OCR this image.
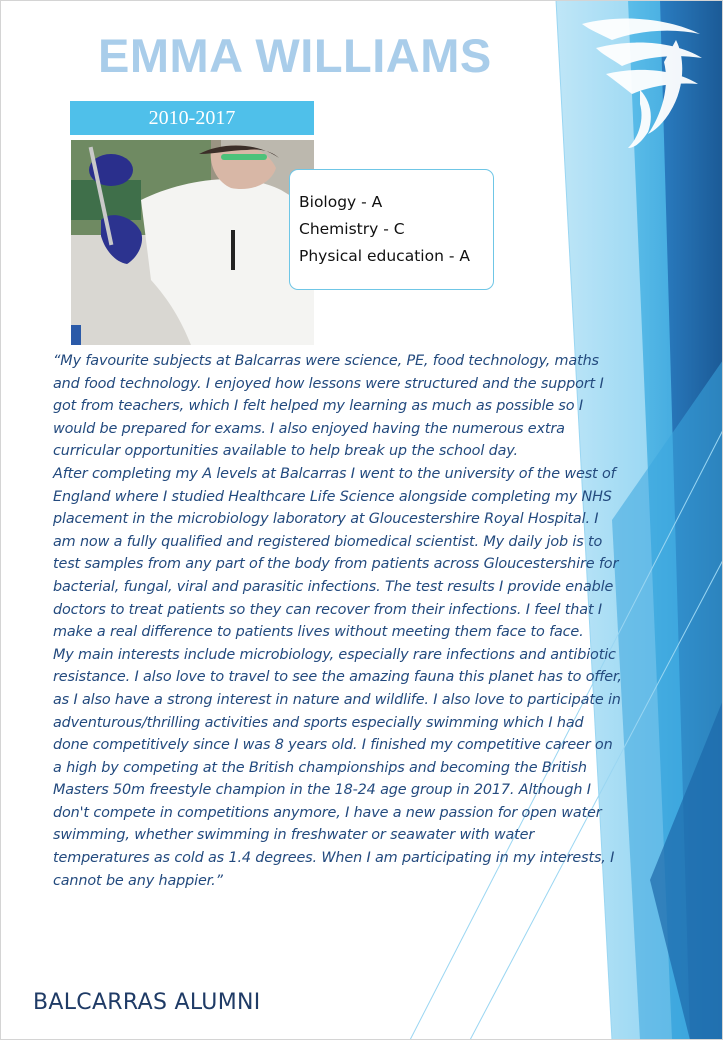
EMMA WILLIAMS
2010-2017
Biology - A
Chemistry - C
Physical education - A

“My favourite subjects at Balcarras were science, PE, food technology, maths and food technology. I enjoyed how lessons were structured and the support I got from teachers, which I felt helped my learning as much as possible so I would be prepared for exams. I also enjoyed having the numerous extra curricular opportunities available to help break up the school day.

After completing my A levels at Balcarras I went to the university of the west of England where I studied Healthcare Life Science alongside completing my NHS placement in the microbiology laboratory at Gloucestershire Royal Hospital. I am now a fully qualified and registered biomedical scientist. My daily job is to test samples from any part of the body from patients across Gloucestershire for bacterial, fungal, viral and parasitic infections. The test results I provide enable doctors to treat patients so they can recover from their infections. I feel that I make a real difference to patients lives without meeting them face to face.

My main interests include microbiology, especially rare infections and antibiotic resistance. I also love to travel to see the amazing fauna this planet has to offer, as I also have a strong interest in nature and wildlife. I also love to participate in adventurous/thrilling activities and sports especially swimming which I had done competitively since I was 8 years old. I finished my competitive career on a high by competing at the British championships and becoming the British Masters 50m freestyle champion in the 18-24 age group in 2017. Although I don't compete in competitions anymore, I have a new passion for open water swimming, whether swimming in freshwater or seawater with water temperatures as cold as 1.4 degrees. When I am participating in my interests, I cannot be any happier.”

BALCARRAS ALUMNI
